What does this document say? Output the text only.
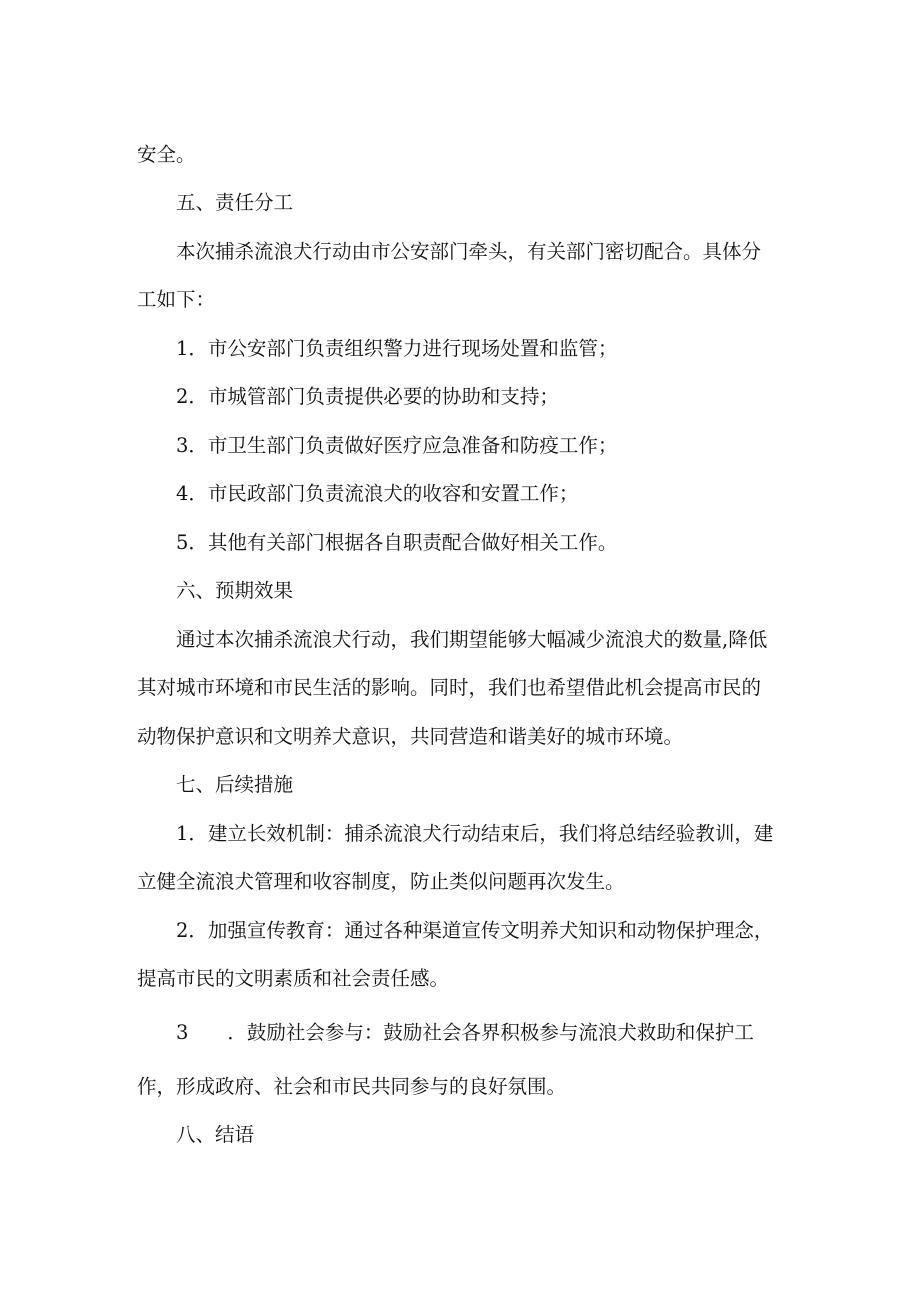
安全。
五、责任分工
本次捕杀流浪犬行动由市公安部门牵头，有关部门密切配合。具体分
工如下：
1．市公安部门负责组织警力进行现场处置和监管；
2．市城管部门负责提供必要的协助和支持；
3．市卫生部门负责做好医疗应急准备和防疫工作；
4．市民政部门负责流浪犬的收容和安置工作；
5．其他有关部门根据各自职责配合做好相关工作。
六、预期效果
通过本次捕杀流浪犬行动，我们期望能够大幅减少流浪犬的数量,降低
其对城市环境和市民生活的影响。同时，我们也希望借此机会提高市民的
动物保护意识和文明养犬意识，共同营造和谐美好的城市环境。
七、后续措施
1．建立长效机制：捕杀流浪犬行动结束后，我们将总结经验教训，建
立健全流浪犬管理和收容制度，防止类似问题再次发生。
2．加强宣传教育：通过各种渠道宣传文明养犬知识和动物保护理念，
提高市民的文明素质和社会责任感。
3　　．鼓励社会参与：鼓励社会各界积极参与流浪犬救助和保护工
作，形成政府、社会和市民共同参与的良好氛围。
八、结语
